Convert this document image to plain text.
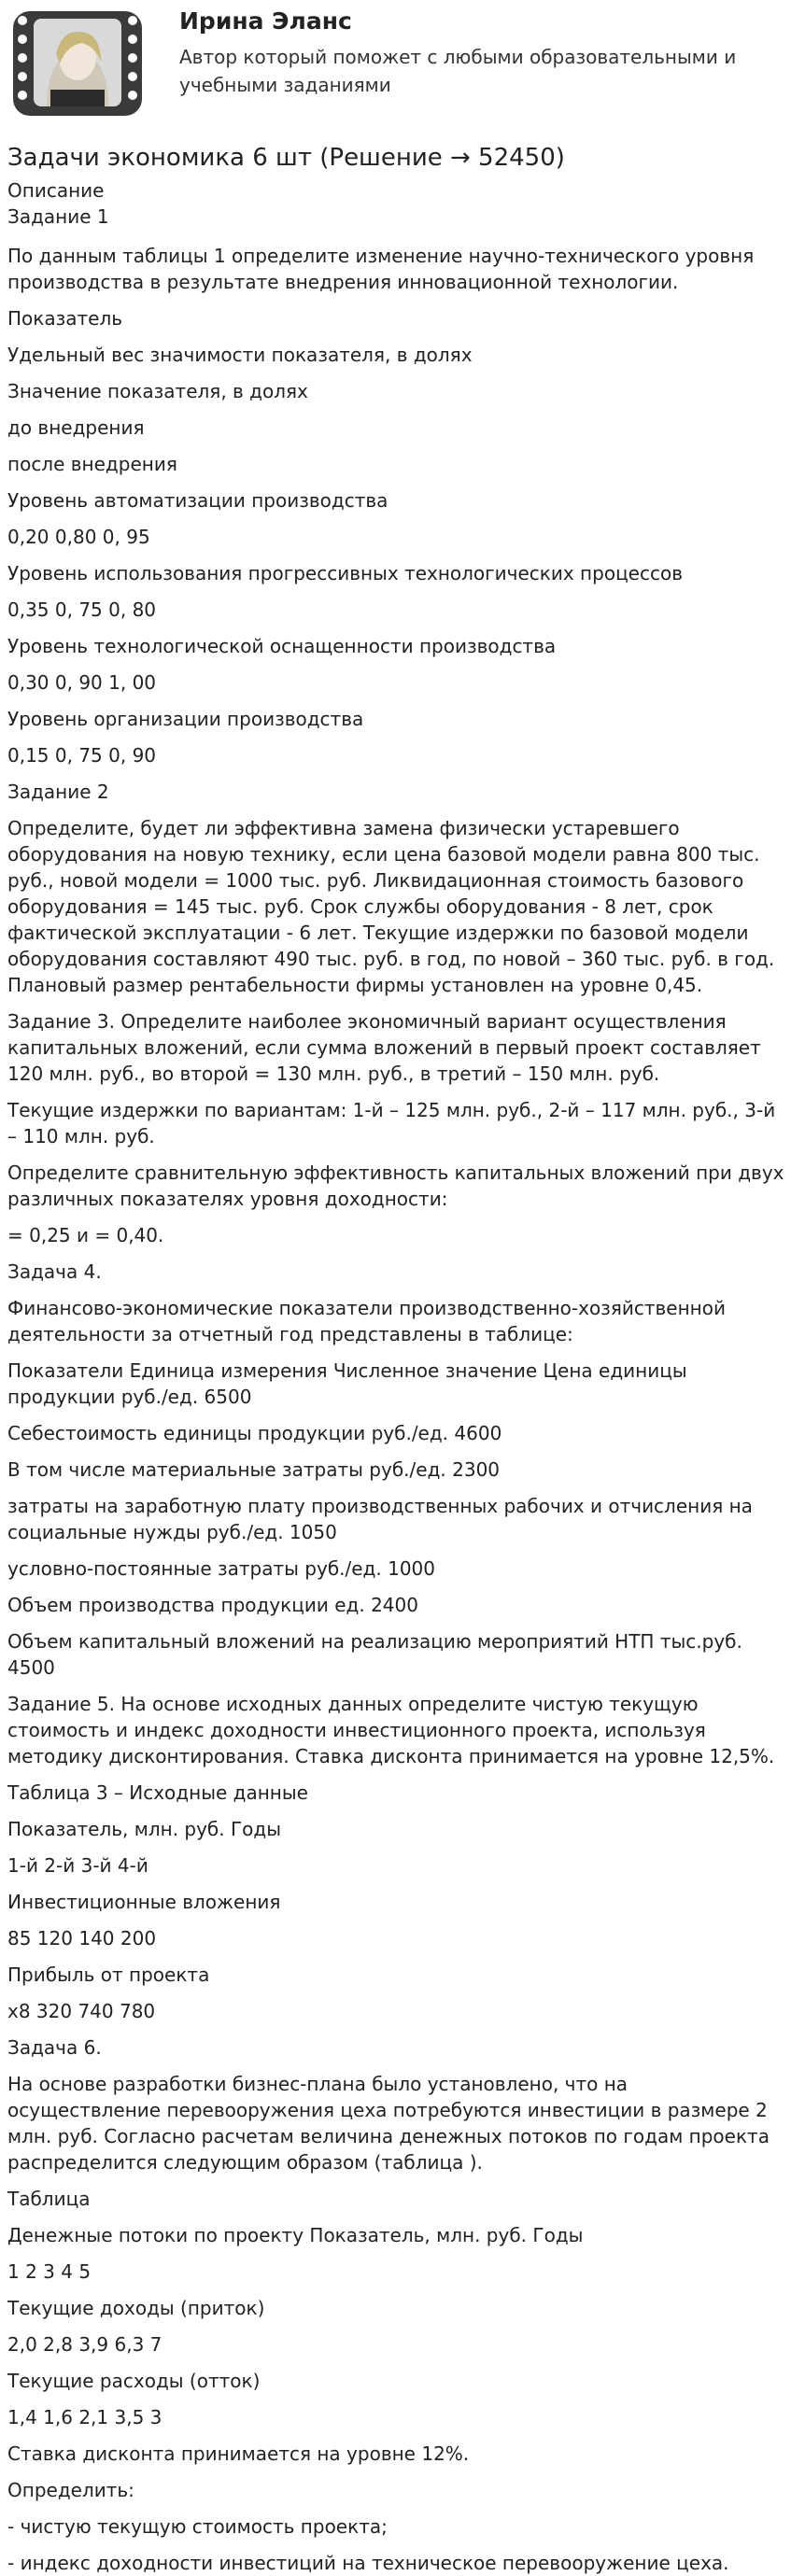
Ирина Эланс
Автор который поможет с любыми образовательными и учебными заданиями
Задачи экономика 6 шт (Решение → 52450)
Описание
Задание 1

По данным таблицы 1 определите изменение научно-технического уровня производства в результате внедрения инновационной технологии.

Показатель

Удельный вес значимости показателя, в долях

Значение показателя, в долях

до внедрения

после внедрения

Уровень автоматизации производства

0,20 0,80 0, 95

Уровень использования прогрессивных технологических процессов

0,35 0, 75 0, 80

Уровень технологической оснащенности производства

0,30 0, 90 1, 00

Уровень организации производства

0,15 0, 75 0, 90

Задание 2

Определите, будет ли эффективна замена физически устаревшего оборудования на новую технику, если цена базовой модели равна 800 тыс. руб., новой модели = 1000 тыс. руб. Ликвидационная стоимость базового оборудования = 145 тыс. руб. Срок службы оборудования - 8 лет, срок фактической эксплуатации - 6 лет. Текущие издержки по базовой модели оборудования составляют 490 тыс. руб. в год, по новой – 360 тыс. руб. в год. Плановый размер рентабельности фирмы установлен на уровне 0,45.

Задание 3. Определите наиболее экономичный вариант осуществления капитальных вложений, если сумма вложений в первый проект составляет 120 млн. руб., во второй = 130 млн. руб., в третий – 150 млн. руб.

Текущие издержки по вариантам: 1-й – 125 млн. руб., 2-й – 117 млн. руб., 3-й – 110 млн. руб.

Определите сравнительную эффективность капитальных вложений при двух различных показателях уровня доходности:

= 0,25 и = 0,40.

Задача 4.

Финансово-экономические показатели производственно-хозяйственной деятельности за отчетный год представлены в таблице:

Показатели Единица измерения Численное значение Цена единицы продукции руб./ед. 6500

Себестоимость единицы продукции руб./ед. 4600

В том числе материальные затраты руб./ед. 2300

затраты на заработную плату производственных рабочих и отчисления на социальные нужды руб./ед. 1050

условно-постоянные затраты руб./ед. 1000

Объем производства продукции ед. 2400

Объем капитальный вложений на реализацию мероприятий НТП тыс.руб. 4500

Задание 5. На основе исходных данных определите чистую текущую стоимость и индекс доходности инвестиционного проекта, используя методику дисконтирования. Ставка дисконта принимается на уровне 12,5%.

Таблица 3 – Исходные данные

Показатель, млн. руб. Годы

1-й 2-й 3-й 4-й

Инвестиционные вложения

85 120 140 200

Прибыль от проекта

х8 320 740 780

Задача 6.

На основе разработки бизнес-плана было установлено, что на осуществление перевооружения цеха потребуются инвестиции в размере 2 млн. руб. Согласно расчетам величина денежных потоков по годам проекта распределится следующим образом (таблица ).

Таблица

Денежные потоки по проекту Показатель, млн. руб. Годы

1 2 3 4 5

Текущие доходы (приток)

2,0 2,8 3,9 6,3 7

Текущие расходы (отток)

1,4 1,6 2,1 3,5 3

Ставка дисконта принимается на уровне 12%.

Определить:

- чистую текущую стоимость проекта;

- индекс доходности инвестиций на техническое перевооружение цеха.
